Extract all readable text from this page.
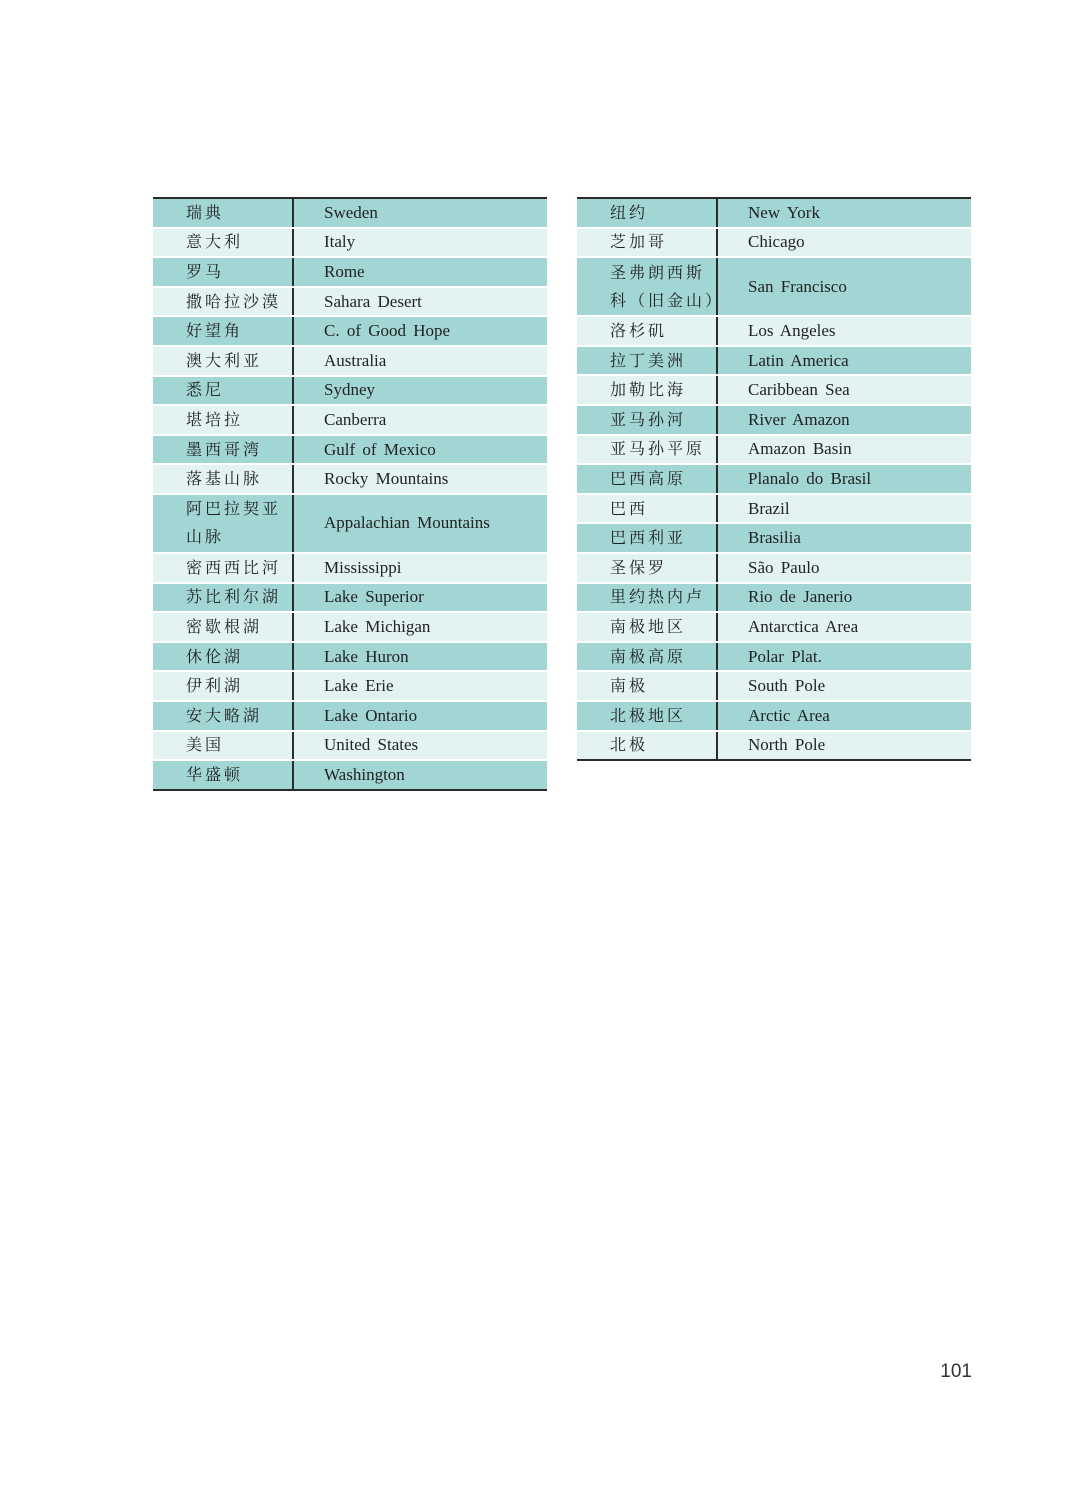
瑞典	Sweden
意大利	Italy
罗马	Rome
撒哈拉沙漠	Sahara Desert
好望角	C. of Good Hope
澳大利亚	Australia
悉尼	Sydney
堪培拉	Canberra
墨西哥湾	Gulf of Mexico
落基山脉	Rocky Mountains
阿巴拉契亚山脉	Appalachian Mountains
密西西比河	Mississippi
苏比利尔湖	Lake Superior
密歇根湖	Lake Michigan
休伦湖	Lake Huron
伊利湖	Lake Erie
安大略湖	Lake Ontario
美国	United States
华盛顿	Washington
纽约	New York
芝加哥	Chicago
圣弗朗西斯科（旧金山）	San Francisco
洛杉矶	Los Angeles
拉丁美洲	Latin America
加勒比海	Caribbean Sea
亚马孙河	River Amazon
亚马孙平原	Amazon Basin
巴西高原	Planalo do Brasil
巴西	Brazil
巴西利亚	Brasilia
圣保罗	São Paulo
里约热内卢	Rio de Janerio
南极地区	Antarctica Area
南极高原	Polar Plat.
南极	South Pole
北极地区	Arctic Area
北极	North Pole
101
